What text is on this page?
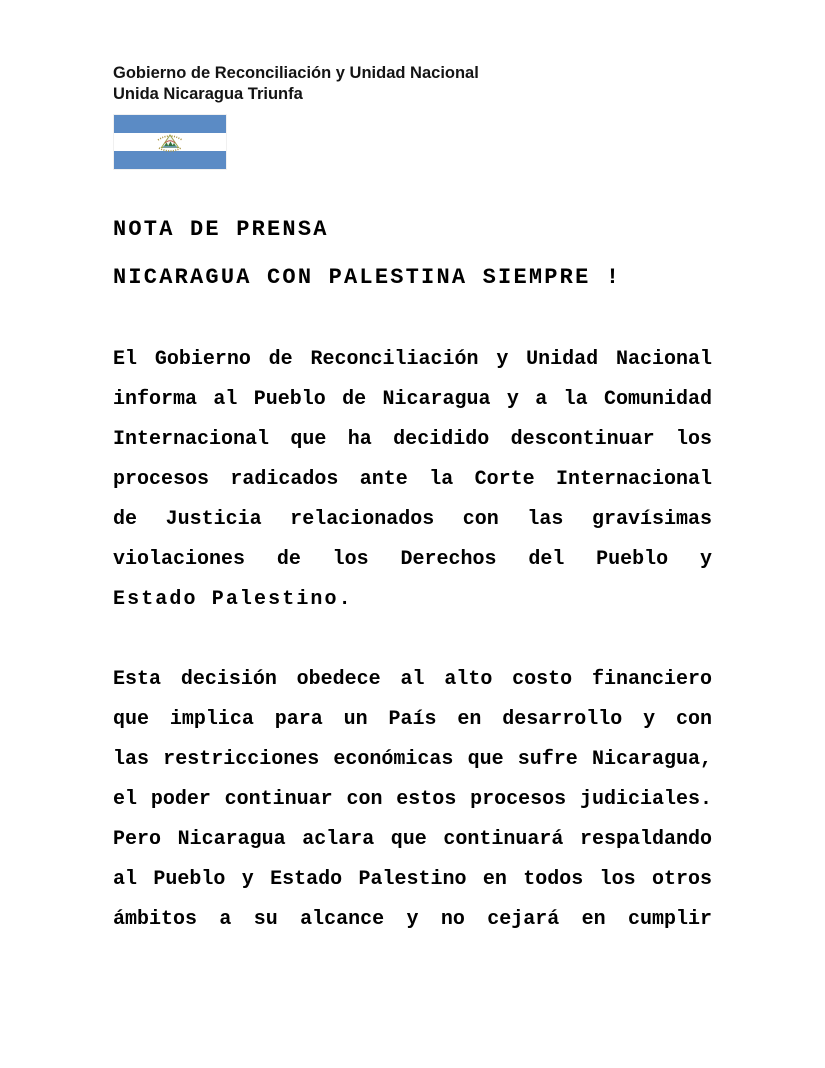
Gobierno de Reconciliación y Unidad Nacional
Unida Nicaragua Triunfa
NOTA DE PRENSA
NICARAGUA CON PALESTINA SIEMPRE !
El Gobierno de Reconciliación y Unidad Nacional
informa al Pueblo de Nicaragua y a la Comunidad
Internacional que ha decidido descontinuar los
procesos radicados ante la Corte Internacional
de Justicia relacionados con las gravísimas
violaciones de los Derechos del Pueblo y
Estado Palestino.
Esta decisión obedece al alto costo financiero
que implica para un País en desarrollo y con
las restricciones económicas que sufre Nicaragua,
el poder continuar con estos procesos judiciales.
Pero Nicaragua aclara que continuará respaldando
al Pueblo y Estado Palestino en todos los otros
ámbitos a su alcance y no cejará en cumplir
